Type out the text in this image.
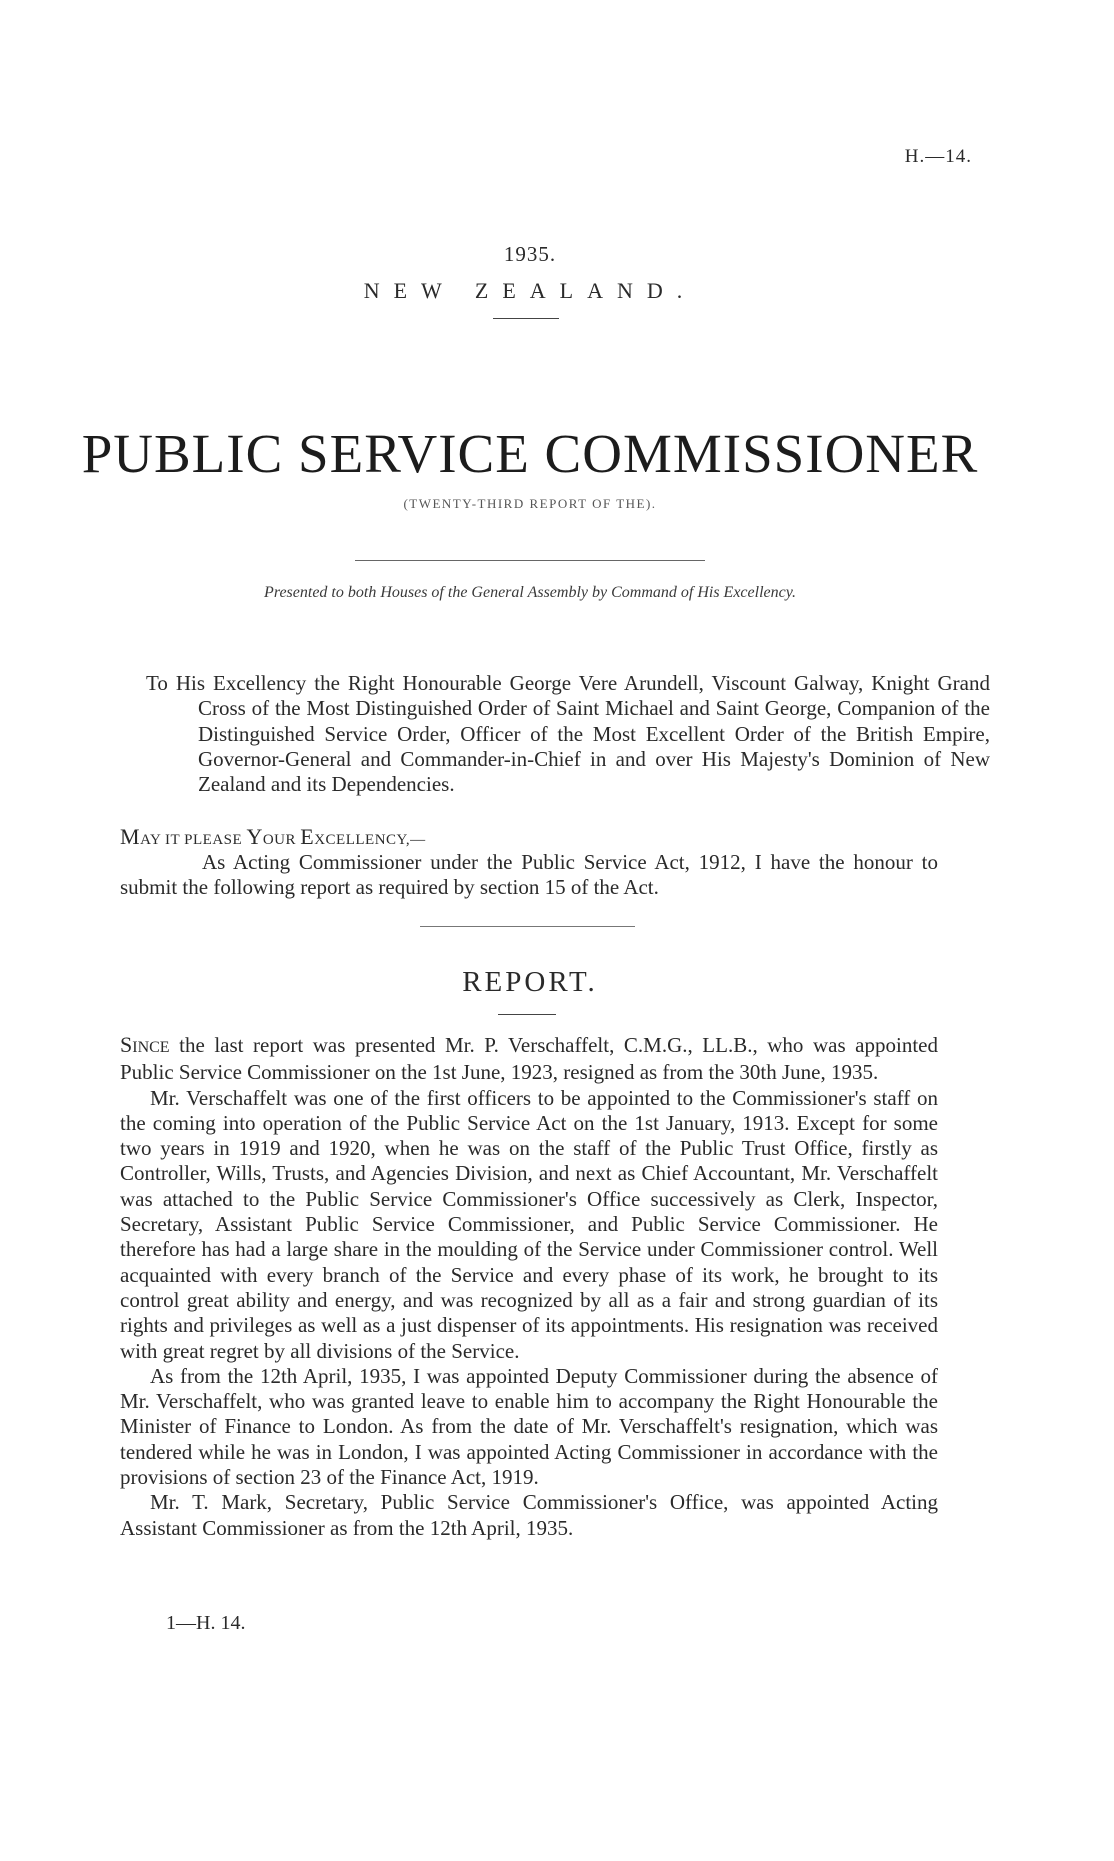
H.—14.
1935.
NEW ZEALAND.
PUBLIC SERVICE COMMISSIONER
(TWENTY-THIRD REPORT OF THE).
Presented to both Houses of the General Assembly by Command of His Excellency.
To His Excellency the Right Honourable George Vere Arundell, Viscount Galway, Knight Grand Cross of the Most Distinguished Order of Saint Michael and Saint George, Companion of the Distinguished Service Order, Officer of the Most Excellent Order of the British Empire, Governor-General and Commander-in-Chief in and over His Majesty's Dominion of New Zealand and its Dependencies.
MAY IT PLEASE YOUR EXCELLENCY,—
As Acting Commissioner under the Public Service Act, 1912, I have the honour to submit the following report as required by section 15 of the Act.
REPORT.

SINCE the last report was presented Mr. P. Verschaffelt, C.M.G., LL.B., who was appointed Public Service Commissioner on the 1st June, 1923, resigned as from the 30th June, 1935.

Mr. Verschaffelt was one of the first officers to be appointed to the Commissioner's staff on the coming into operation of the Public Service Act on the 1st January, 1913. Except for some two years in 1919 and 1920, when he was on the staff of the Public Trust Office, firstly as Controller, Wills, Trusts, and Agencies Division, and next as Chief Accountant, Mr. Verschaffelt was attached to the Public Service Commissioner's Office successively as Clerk, Inspector, Secretary, Assistant Public Service Commissioner, and Public Service Commissioner. He therefore has had a large share in the moulding of the Service under Commissioner control. Well acquainted with every branch of the Service and every phase of its work, he brought to its control great ability and energy, and was recognized by all as a fair and strong guardian of its rights and privileges as well as a just dispenser of its appointments. His resignation was received with great regret by all divisions of the Service.

As from the 12th April, 1935, I was appointed Deputy Commissioner during the absence of Mr. Verschaffelt, who was granted leave to enable him to accompany the Right Honourable the Minister of Finance to London. As from the date of Mr. Verschaffelt's resignation, which was tendered while he was in London, I was appointed Acting Commissioner in accordance with the provisions of section 23 of the Finance Act, 1919.

Mr. T. Mark, Secretary, Public Service Commissioner's Office, was appointed Acting Assistant Commissioner as from the 12th April, 1935.

1—H. 14.
